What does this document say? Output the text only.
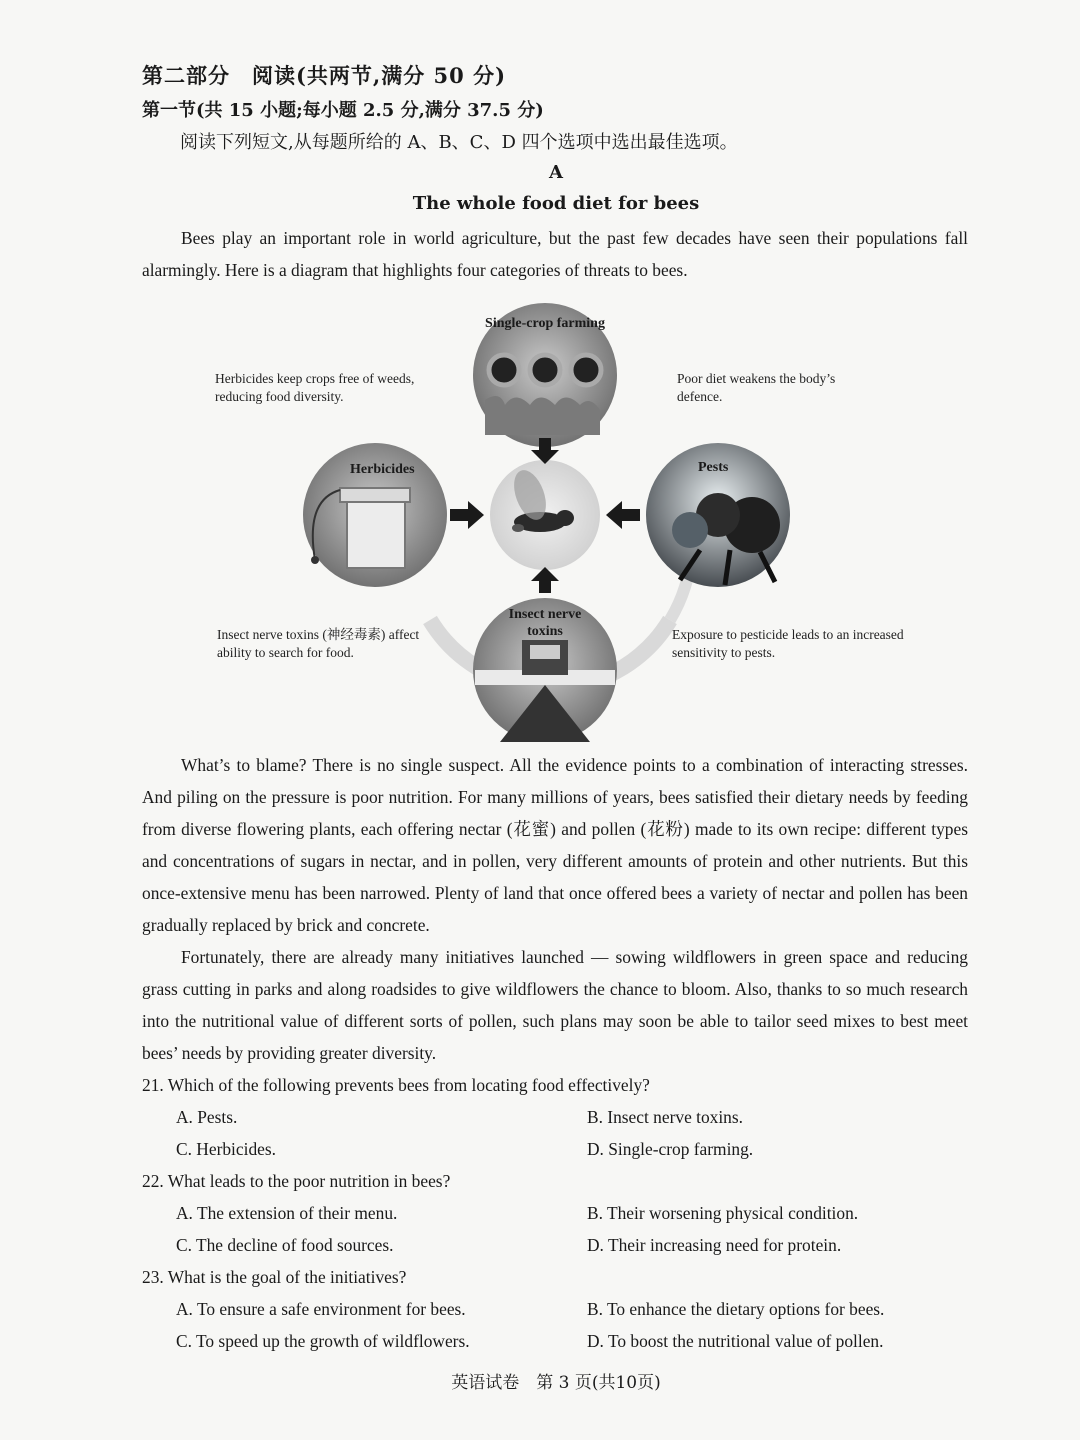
第二部分　阅读(共两节,满分 50 分)
第一节(共 15 小题;每小题 2.5 分,满分 37.5 分)
阅读下列短文,从每题所给的 A、B、C、D 四个选项中选出最佳选项。
A
The whole food diet for bees
Bees play an important role in world agriculture, but the past few decades have seen their populations fall alarmingly. Here is a diagram that highlights four categories of threats to bees.
Single-crop farming
Herbicides	Pests
Insect nerve toxins
Herbicides keep crops free of weeds, reducing food diversity.
Poor diet weakens the body’s defence.
Insect nerve toxins (神经毒素) affect ability to search for food.
Exposure to pesticide leads to an increased sensitivity to pests.
What’s to blame? There is no single suspect. All the evidence points to a combination of interacting stresses. And piling on the pressure is poor nutrition. For many millions of years, bees satisfied their dietary needs by feeding from diverse flowering plants, each offering nectar (花蜜) and pollen (花粉) made to its own recipe: different types and concentrations of sugars in nectar, and in pollen, very different amounts of protein and other nutrients. But this once-extensive menu has been narrowed. Plenty of land that once offered bees a variety of nectar and pollen has been gradually replaced by brick and concrete.
Fortunately, there are already many initiatives launched — sowing wildflowers in green space and reducing grass cutting in parks and along roadsides to give wildflowers the chance to bloom. Also, thanks to so much research into the nutritional value of different sorts of pollen, such plans may soon be able to tailor seed mixes to best meet bees’ needs by providing greater diversity.
21. Which of the following prevents bees from locating food effectively?
A. Pests.	B. Insect nerve toxins.
C. Herbicides.	D. Single-crop farming.
22. What leads to the poor nutrition in bees?
A. The extension of their menu.	B. Their worsening physical condition.
C. The decline of food sources.	D. Their increasing need for protein.
23. What is the goal of the initiatives?
A. To ensure a safe environment for bees.	B. To enhance the dietary options for bees.
C. To speed up the growth of wildflowers.	D. To boost the nutritional value of pollen.
英语试卷　第 3 页(共10页)
